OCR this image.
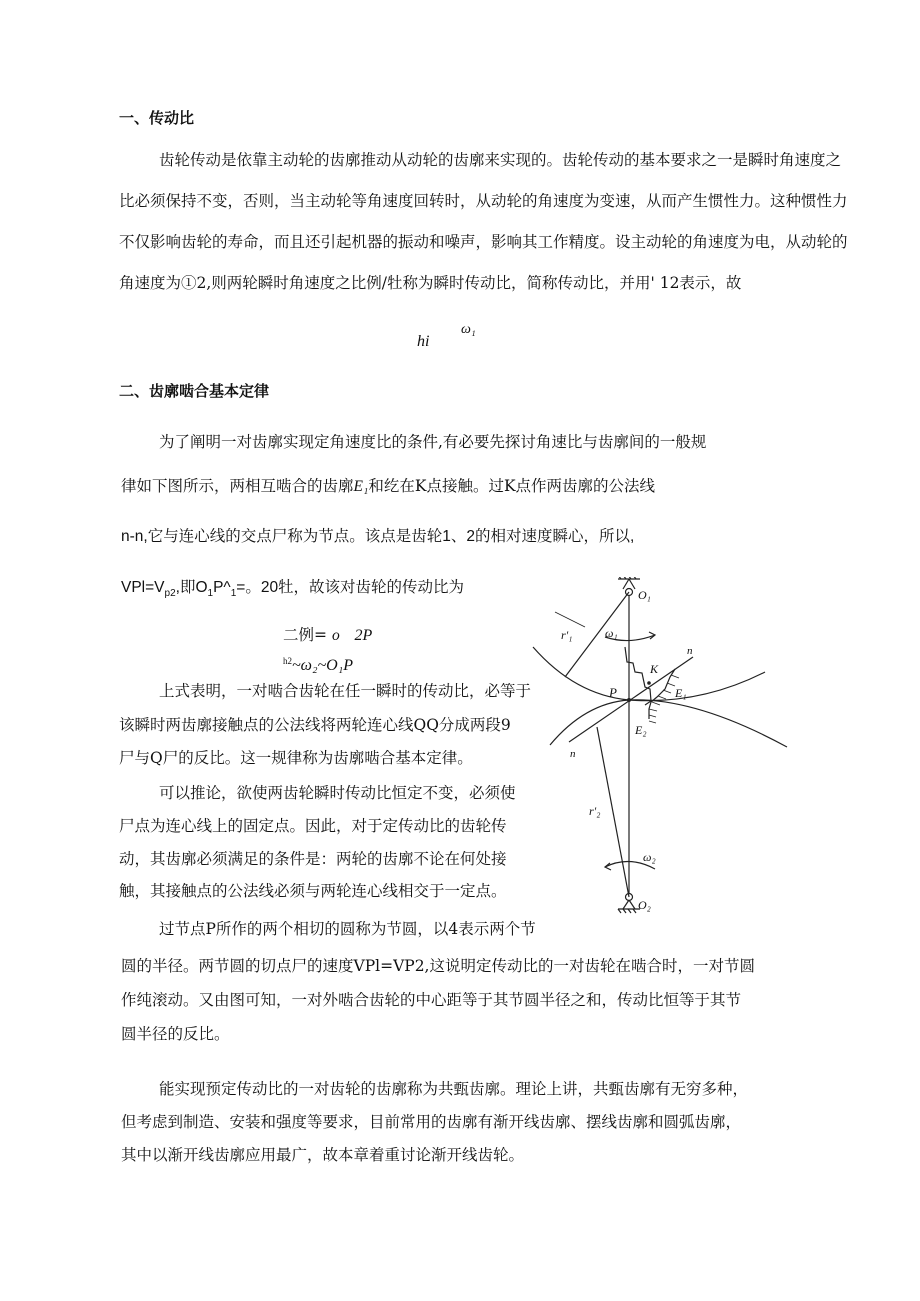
一、传动比
齿轮传动是依靠主动轮的齿廓推动从动轮的齿廓来实现的。齿轮传动的基本要求之一是瞬时角速度之
比必须保持不变，否则，当主动轮等角速度回转时，从动轮的角速度为变速，从而产生惯性力。这种惯性力
不仅影响齿轮的寿命，而且还引起机器的振动和噪声，影响其工作精度。设主动轮的角速度为电，从动轮的
角速度为①2,则两轮瞬时角速度之比例/牡称为瞬时传动比，简称传动比，并用' 12表示，故
hi
ω₁
二、齿廓啮合基本定律
为了阐明一对齿廓实现定角速度比的条件,有必要先探讨角速比与齿廓间的一般规
律如下图所示，两相互啮合的齿廓E₁和纥在K点接触。过K点作两齿廓的公法线
n-n,它与连心线的交点尸称为节点。该点是齿轮1、2的相对速度瞬心，所以,
$VPl=V_{p2}$,即$O_1P\^{}_1=$。20牡，故该对齿轮的传动比为
二例= o 2P
$^{h2}$~ω₂~O₁P
上式表明，一对啮合齿轮在任一瞬时的传动比，必等于
该瞬时两齿廓接触点的公法线将两轮连心线QQ分成两段9
尸与Q尸的反比。这一规律称为齿廓啮合基本定律。
可以推论，欲使两齿轮瞬时传动比恒定不变，必须使
尸点为连心线上的固定点。因此，对于定传动比的齿轮传
动，其齿廓必须满足的条件是：两轮的齿廓不论在何处接
触，其接触点的公法线必须与两轮连心线相交于一定点。
过节点P所作的两个相切的圆称为节圆，以4表示两个节
圆的半径。两节圆的切点尸的速度VPl=VP2,这说明定传动比的一对齿轮在啮合时，一对节圆
作纯滚动。又由图可知，一对外啮合齿轮的中心距等于其节圆半径之和，传动比恒等于其节
圆半径的反比。
能实现预定传动比的一对齿轮的齿廓称为共甄齿廓。理论上讲，共甄齿廓有无穷多种，
但考虑到制造、安装和强度等要求，目前常用的齿廓有渐开线齿廓、摆线齿廓和圆弧齿廓，
其中以渐开线齿廓应用最广，故本章着重讨论渐开线齿轮。
O₁
O₂
r'₁
r'₂
ω₁
ω₂
n
n
K
P	E₁
E₂
